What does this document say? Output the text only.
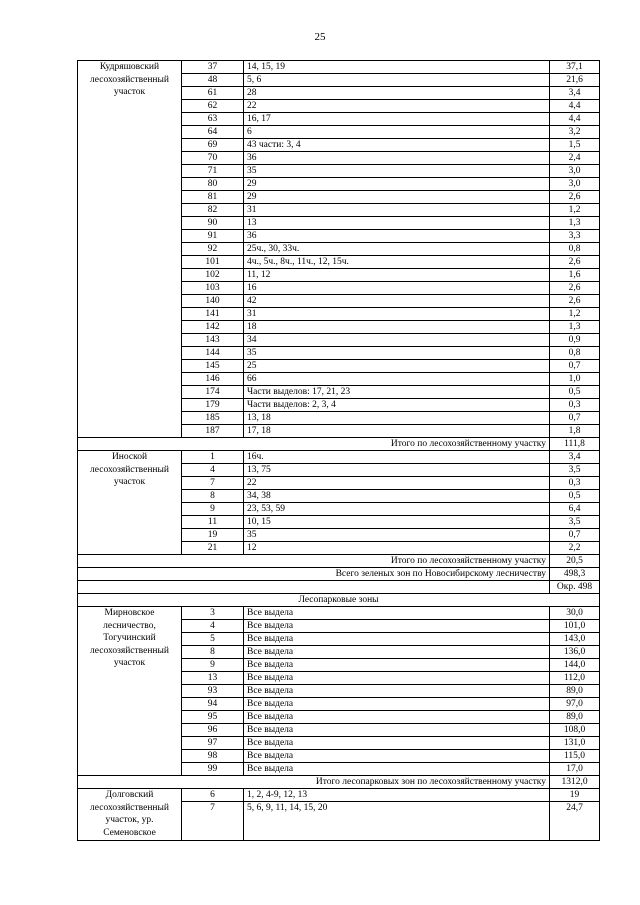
25
Кудряшовский лесохозяйственный участок	37	14, 15, 19	37,1
	48	5, 6	21,6
	61	28	3,4
	62	22	4,4
	63	16, 17	4,4
	64	6	3,2
	69	43 части: 3, 4	1,5
	70	36	2,4
	71	35	3,0
	80	29	3,0
	81	29	2,6
	82	31	1,2
	90	13	1,3
	91	36	3,3
	92	25ч., 30, 33ч.	0,8
	101	4ч., 5ч., 8ч., 11ч., 12, 15ч.	2,6
	102	11, 12	1,6
	103	16	2,6
	140	42	2,6
	141	31	1,2
	142	18	1,3
	143	34	0,9
	144	35	0,8
	145	25	0,7
	146	66	1,0
	174	Части выделов: 17, 21, 23	0,5
	179	Части выделов: 2, 3, 4	0,3
	185	13, 18	0,7
	187	17, 18	1,8
Итого по лесохозяйственному участку			111,8
Иноской лесохозяйственный участок	1	16ч.	3,4
	4	13, 75	3,5
	7	22	0,3
	8	34, 38	0,5
	9	23, 53, 59	6,4
	11	10, 15	3,5
	19	35	0,7
	21	12	2,2
Итого по лесохозяйственному участку			20,5
Всего зеленых зон по Новосибирскому лесничеству			498,3
			Окр. 498
Лесопарковые зоны			
Мирновское лесничество, Тогучинский лесохозяйственный участок	3	Все выдела	30,0
	4	Все выдела	101,0
	5	Все выдела	143,0
	8	Все выдела	136,0
	9	Все выдела	144,0
	13	Все выдела	112,0
	93	Все выдела	89,0
	94	Все выдела	97,0
	95	Все выдела	89,0
	96	Все выдела	108,0
	97	Все выдела	131,0
	98	Все выдела	115,0
	99	Все выдела	17,0
Итого лесопарковых зон по лесохозяйственному участку			1312,0
Долговский лесохозяйственный участок, ур. Семеновское	6	1, 2, 4-9, 12, 13	19
	7	5, 6, 9, 11, 14, 15, 20	24,7
